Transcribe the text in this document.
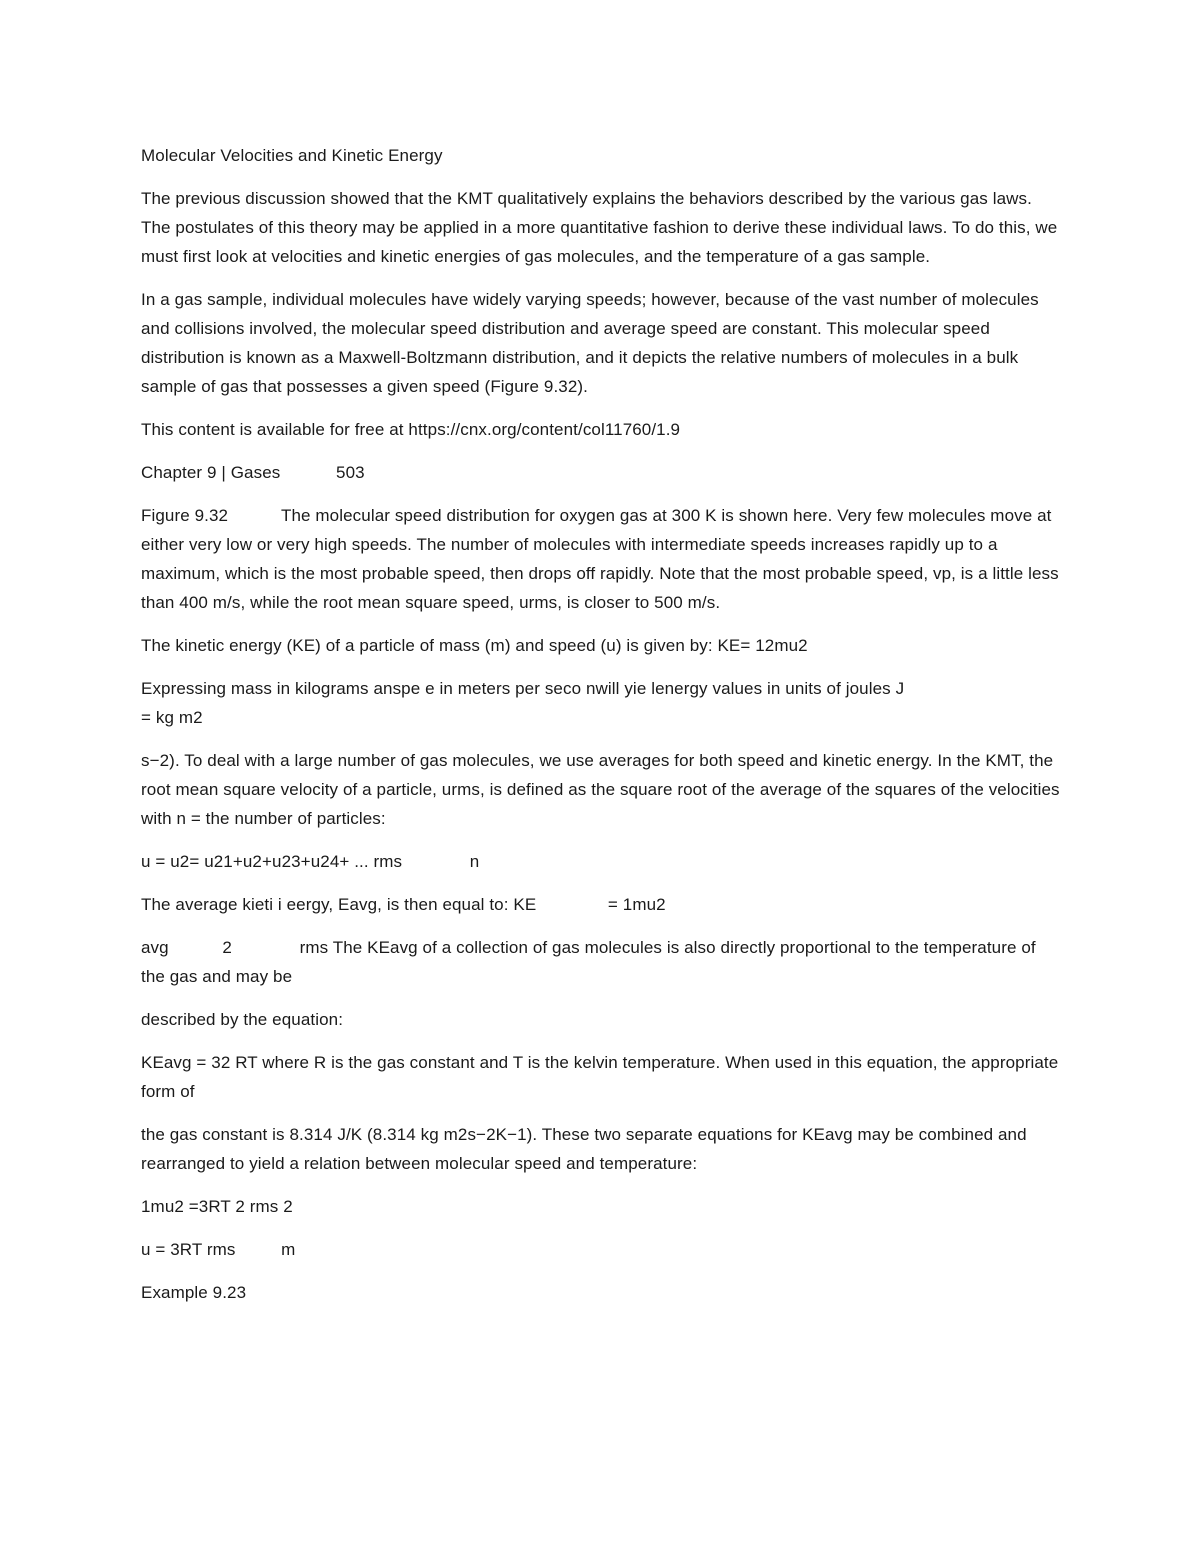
Molecular Velocities and Kinetic Energy

The previous discussion showed that the KMT qualitatively explains the behaviors described by the various gas laws. The postulates of this theory may be applied in a more quantitative fashion to derive these individual laws. To do this, we must first look at velocities and kinetic energies of gas molecules, and the temperature of a gas sample.

In a gas sample, individual molecules have widely varying speeds; however, because of the vast number of molecules and collisions involved, the molecular speed distribution and average speed are constant. This molecular speed distribution is known as a Maxwell-Boltzmann distribution, and it depicts the relative numbers of molecules in a bulk sample of gas that possesses a given speed (Figure 9.32).

This content is available for free at https://cnx.org/content/col11760/1.9

Chapter 9 | Gases	503

Figure 9.32	The molecular speed distribution for oxygen gas at 300 K is shown here. Very few molecules move at either very low or very high speeds. The number of molecules with intermediate speeds increases rapidly up to a maximum, which is the most probable speed, then drops off rapidly. Note that the most probable speed, vp, is a little less than 400 m/s, while the root mean square speed, urms, is closer to 500 m/s.

The kinetic energy (KE) of a particle of mass (m) and speed (u) is given by: KE= 12mu2

Expressing mass in kilograms anspe e in meters per seco nwill yie lenergy values in units of joules J
= kg m2

s−2). To deal with a large number of gas molecules, we use averages for both speed and kinetic energy. In the KMT, the root mean square velocity of a particle, urms, is defined as the square root of the average of the squares of the velocities with n = the number of particles:

u = u2= u21+u2+u23+u24+ ... rms	n

The average kieti i eergy, Eavg, is then equal to: KE	= 1mu2

avg	2	rms The KEavg of a collection of gas molecules is also directly proportional to the temperature of the gas and may be

described by the equation:

KEavg = 32 RT where R is the gas constant and T is the kelvin temperature. When used in this equation, the appropriate form of

the gas constant is 8.314 J/K (8.314 kg m2s−2K−1). These two separate equations for KEavg may be combined and rearranged to yield a relation between molecular speed and temperature:

1mu2 =3RT 2 rms 2

u = 3RT rms	m

Example 9.23
